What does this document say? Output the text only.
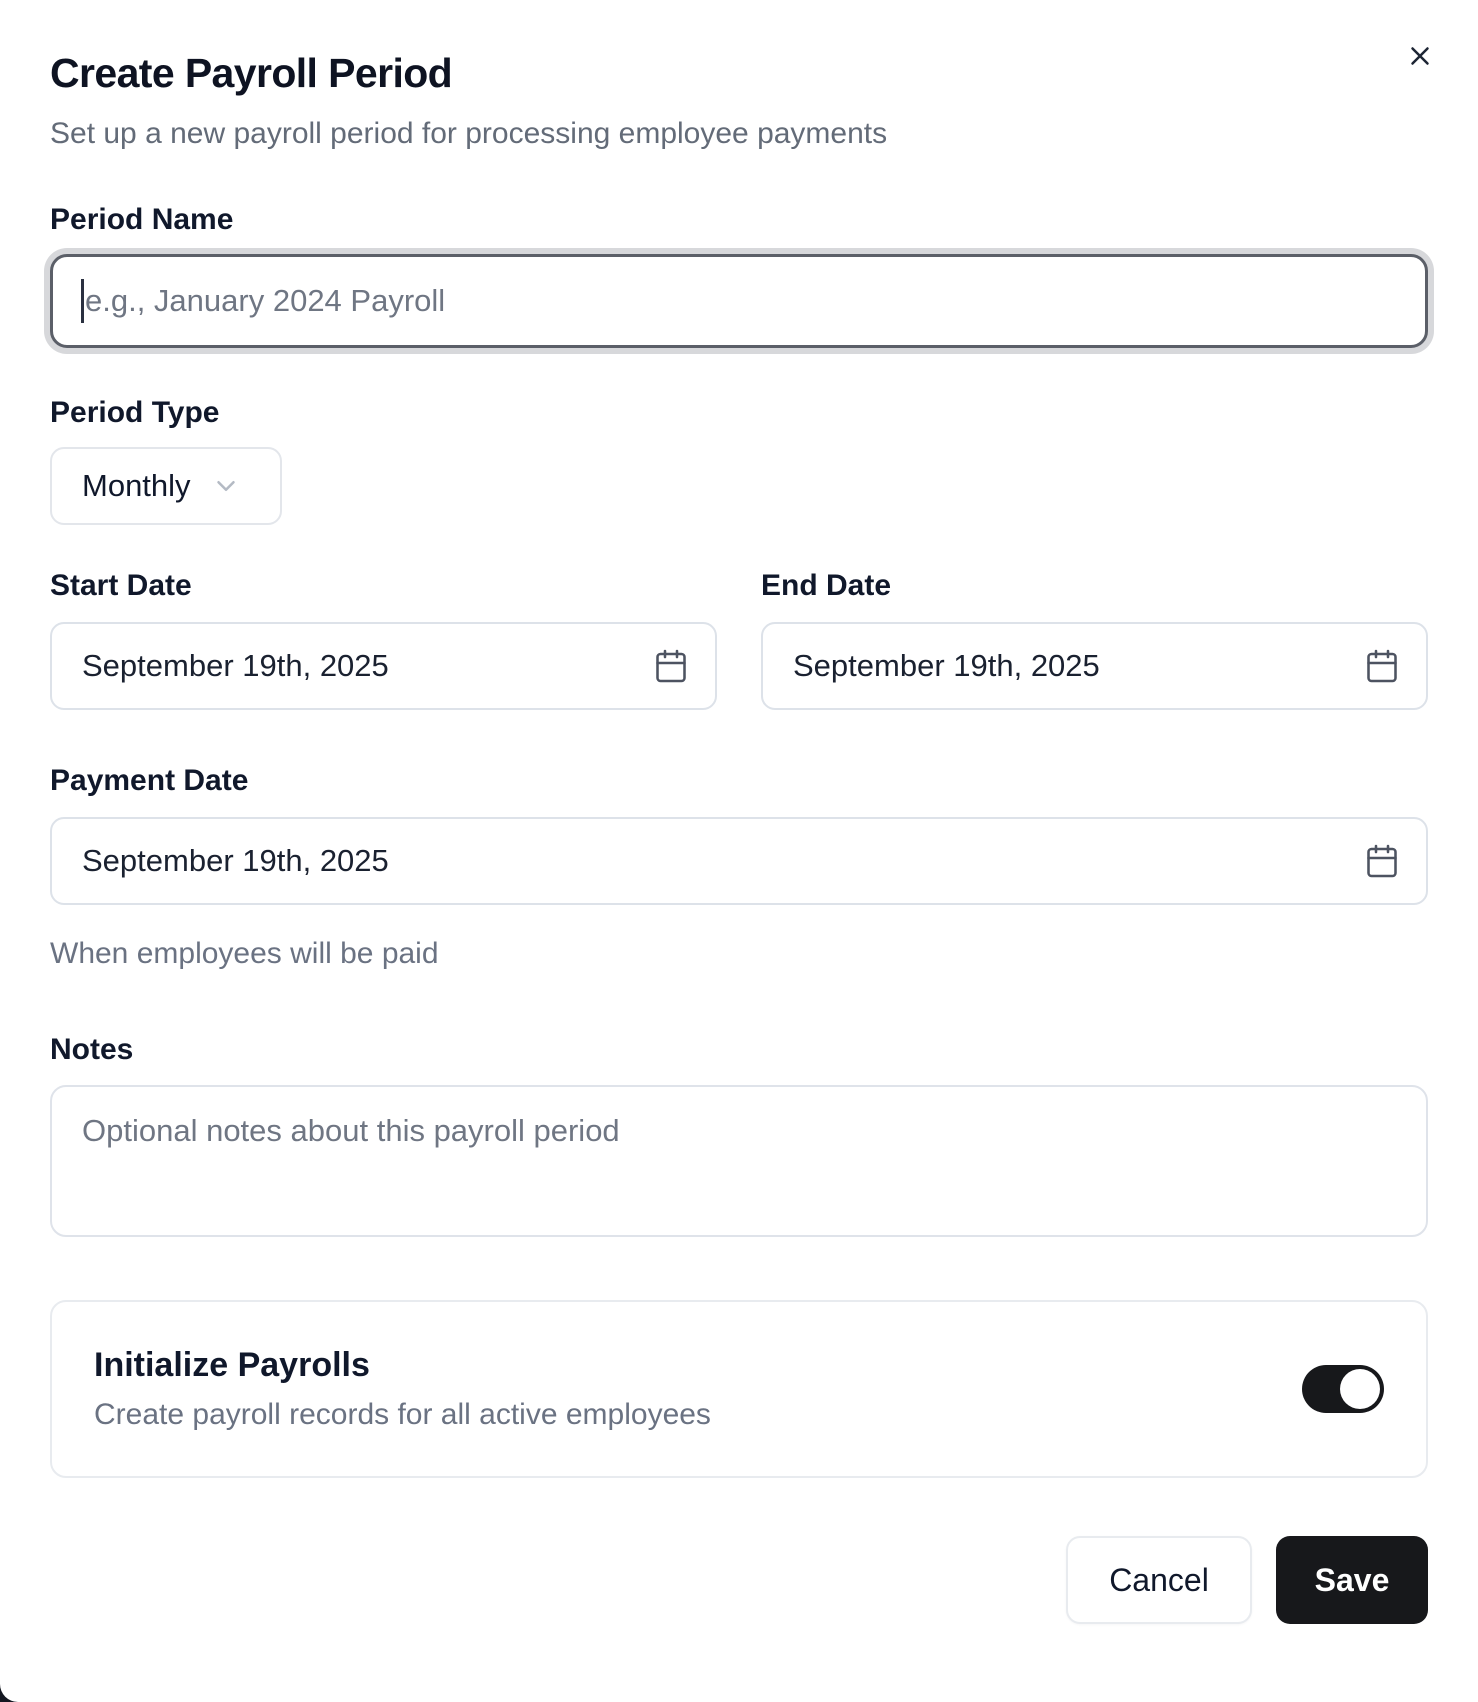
Create Payroll Period
Set up a new payroll period for processing employee payments
Period Name
e.g., January 2024 Payroll
Period Type
Monthly
Start Date
September 19th, 2025
End Date
September 19th, 2025
Payment Date
September 19th, 2025
When employees will be paid
Notes
Optional notes about this payroll period
Initialize Payrolls
Create payroll records for all active employees
Cancel	Save
